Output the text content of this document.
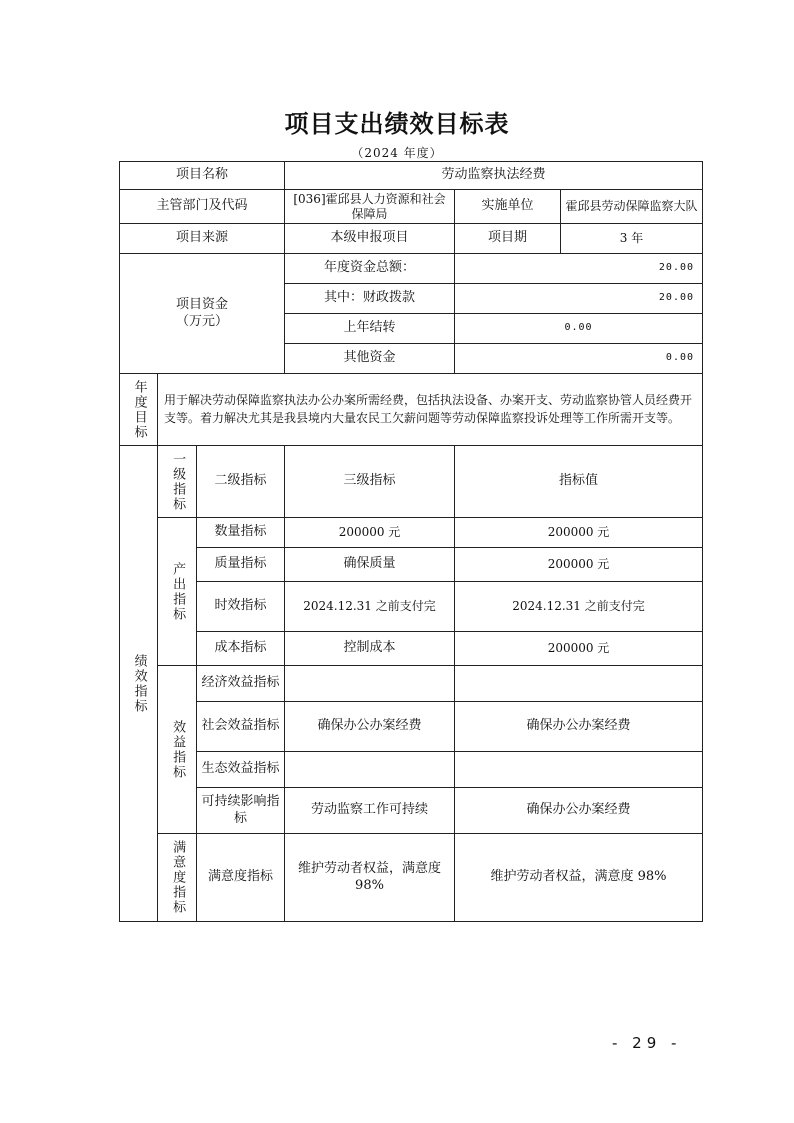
项目支出绩效目标表
（2024 年度）
项目名称			劳动监察执法经费		
主管部门及代码			[036]霍邱县人力资源和社会保障局	实施单位	霍邱县劳动保障监察大队
项目来源			本级申报项目	项目期	3 年

项目资金
（万元）			年度资金总额：	20.00	
			其中：财政拨款	20.00	
			上年结转	0.00	
			其他资金	0.00	
年度目标	用于解决劳动保障监察执法办公办案所需经费，包括执法设备、办案开支、劳动监察协管人员经费开支等。着力解决尤其是我县境内大量农民工欠薪问题等劳动保障监察投诉处理等工作所需开支等。				
绩效指标	一级指标	二级指标	三级指标	指标值	
	产出指标	数量指标	200000 元	200000 元	
		质量指标	确保质量	200000 元	
		时效指标	2024.12.31 之前支付完	2024.12.31 之前支付完	
		成本指标	控制成本	200000 元	
	效益指标	经济效益指标			
		社会效益指标	确保办公办案经费	确保办公办案经费	
		生态效益指标			
		可持续影响指标	劳动监察工作可持续	确保办公办案经费	
	满意度指标	满意度指标	维护劳动者权益，满意度98%	维护劳动者权益，满意度 98%	
- 29 -
